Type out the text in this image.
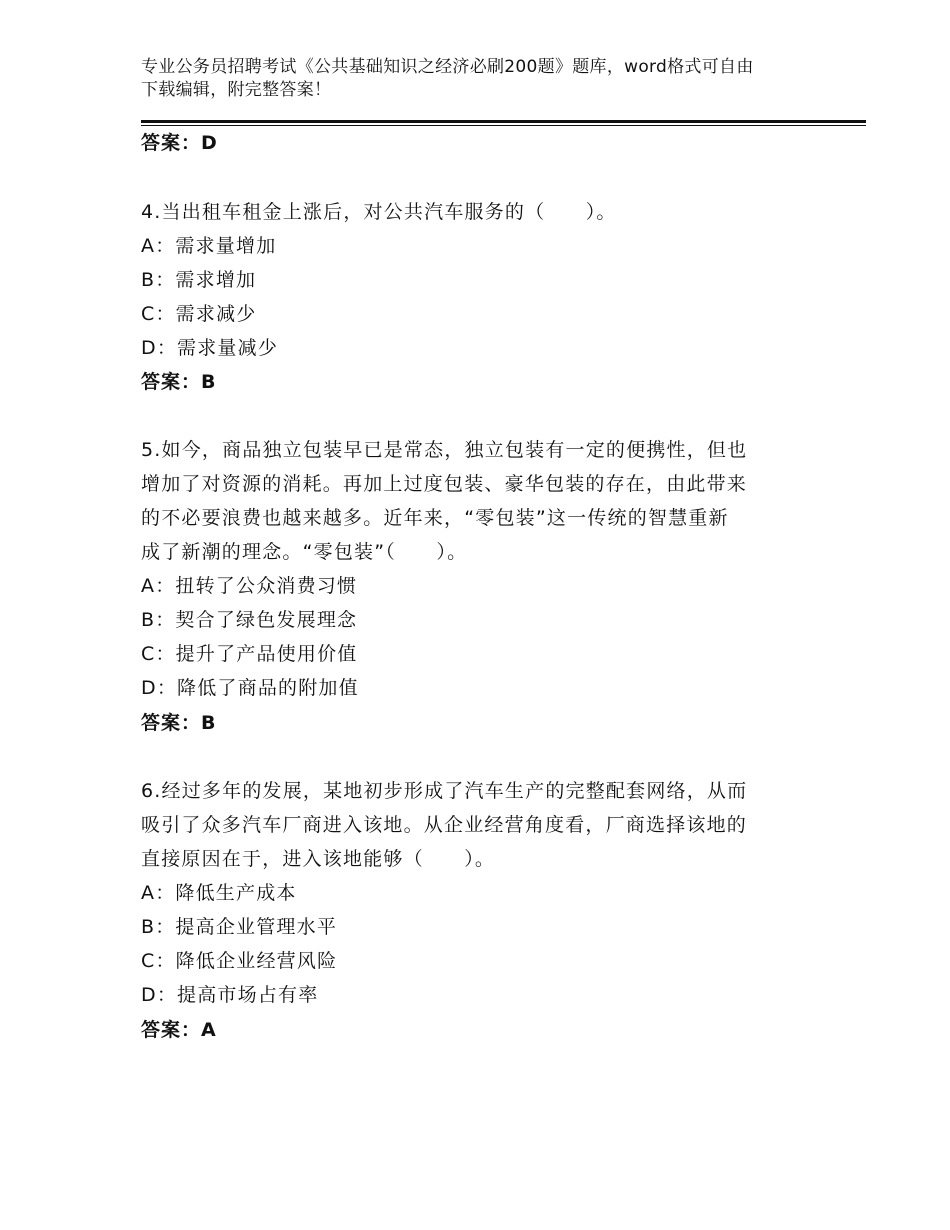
专业公务员招聘考试《公共基础知识之经济必刷200题》题库，word格式可自由
下载编辑，附完整答案！
答案：D
4.当出租车租金上涨后，对公共汽车服务的（　　）。
A：需求量增加
B：需求增加
C：需求减少
D：需求量减少
答案：B
5.如今，商品独立包装早已是常态，独立包装有一定的便携性，但也
增加了对资源的消耗。再加上过度包装、豪华包装的存在，由此带来
的不必要浪费也越来越多。近年来，“零包装”这一传统的智慧重新
成了新潮的理念。“零包装”（　　）。
A：扭转了公众消费习惯
B：契合了绿色发展理念
C：提升了产品使用价值
D：降低了商品的附加值
答案：B
6.经过多年的发展，某地初步形成了汽车生产的完整配套网络，从而
吸引了众多汽车厂商进入该地。从企业经营角度看，厂商选择该地的
直接原因在于，进入该地能够（　　）。
A：降低生产成本
B：提高企业管理水平
C：降低企业经营风险
D：提高市场占有率
答案：A
